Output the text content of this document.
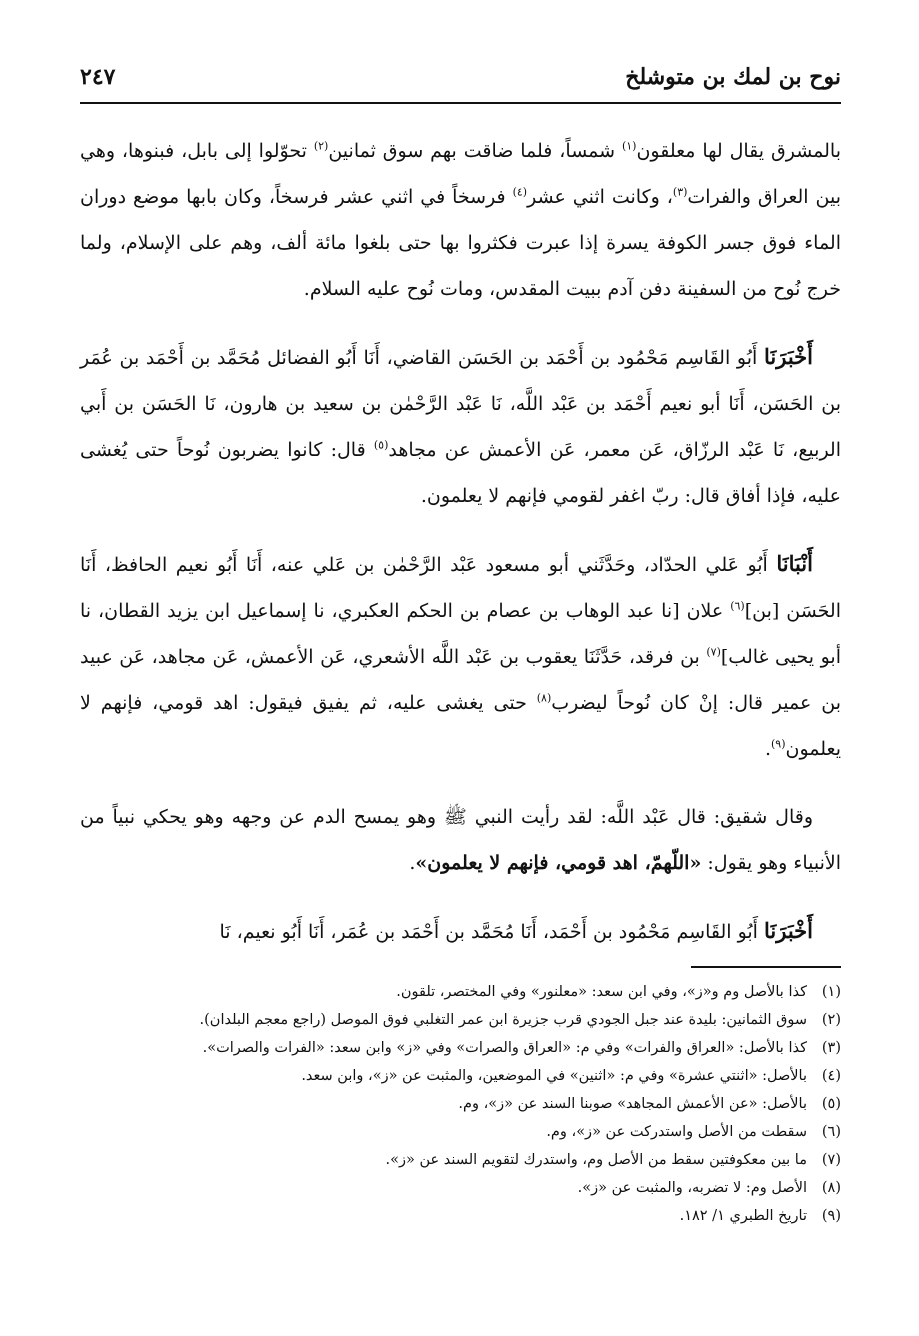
نوح بن لمك بن متوشلخ
٢٤٧

بالمشرق يقال لها معلقون$^{(١)}$ شمساً، فلما ضاقت بهم سوق ثمانين$^{(٢)}$ تحوّلوا إلى بابل، فبنوها، وهي بين العراق والفرات$^{(٣)}$، وكانت اثني عشر$^{(٤)}$ فرسخاً في اثني عشر فرسخاً، وكان بابها موضع دوران الماء فوق جسر الكوفة يسرة إذا عبرت فكثروا بها حتى بلغوا مائة ألف، وهم على الإسلام، ولما خرج نُوح من السفينة دفن آدم ببيت المقدس، ومات نُوح عليه السلام.

أَخْبَرَنَا أَبُو القَاسِم مَحْمُود بن أَحْمَد بن الحَسَن القاضي، أَنَا أَبُو الفضائل مُحَمَّد بن أَحْمَد بن عُمَر بن الحَسَن، أَنَا أبو نعيم أَحْمَد بن عَبْد اللَّه، نَا عَبْد الرَّحْمٰن بن سعيد بن هارون، نَا الحَسَن بن أَبي الربيع، نَا عَبْد الرزّاق، عَن معمر، عَن الأعمش عن مجاهد$^{(٥)}$ قال: كانوا يضربون نُوحاً حتى يُغشى عليه، فإذا أفاق قال: ربّ اغفر لقومي فإنهم لا يعلمون.

أَنْبَانَا أَبُو عَلي الحدّاد، وحَدَّثَني أبو مسعود عَبْد الرَّحْمٰن بن عَلي عنه، أَنَا أَبُو نعيم الحافظ، أَنَا الحَسَن [بن]$^{(٦)}$ علان [نا عبد الوهاب بن عصام بن الحكم العكبري، نا إسماعيل ابن يزيد القطان، نا أبو يحيى غالب]$^{(٧)}$ بن فرقد، حَدَّثَنَا يعقوب بن عَبْد اللَّه الأشعري، عَن الأعمش، عَن مجاهد، عَن عبيد بن عمير قال: إنْ كان نُوحاً ليضرب$^{(٨)}$ حتى يغشى عليه، ثم يفيق فيقول: اهد قومي، فإنهم لا يعلمون$^{(٩)}$.

وقال شقيق: قال عَبْد اللَّه: لقد رأيت النبي ﷺ وهو يمسح الدم عن وجهه وهو يحكي نبياً من الأنبياء وهو يقول: «اللّهمّ، اهد قومي، فإنهم لا يعلمون».

أَخْبَرَنَا أَبُو القَاسِم مَحْمُود بن أَحْمَد، أَنَا مُحَمَّد بن أَحْمَد بن عُمَر، أَنَا أَبُو نعيم، نَا

(١)
كذا بالأصل وم و«ز»، وفي ابن سعد: «معلنور» وفي المختصر، تلقون.
(٢)
سوق الثمانين: بليدة عند جبل الجودي قرب جزيرة ابن عمر التغلبي فوق الموصل (راجع معجم البلدان).
(٣)
كذا بالأصل: «العراق والفرات» وفي م: «العراق والصرات» وفي «ز» وابن سعد: «الفرات والصرات».
(٤)
بالأصل: «اثنتي عشرة» وفي م: «اثنين» في الموضعين، والمثبت عن «ز»، وابن سعد.
(٥)
بالأصل: «عن الأعمش المجاهد» صوبنا السند عن «ز»، وم.
(٦)
سقطت من الأصل واستدركت عن «ز»، وم.
(٧)
ما بين معكوفتين سقط من الأصل وم، واستدرك لتقويم السند عن «ز».
(٨)
الأصل وم: لا تضربه، والمثبت عن «ز».
(٩)
تاريخ الطبري ١/ ١٨٢.
